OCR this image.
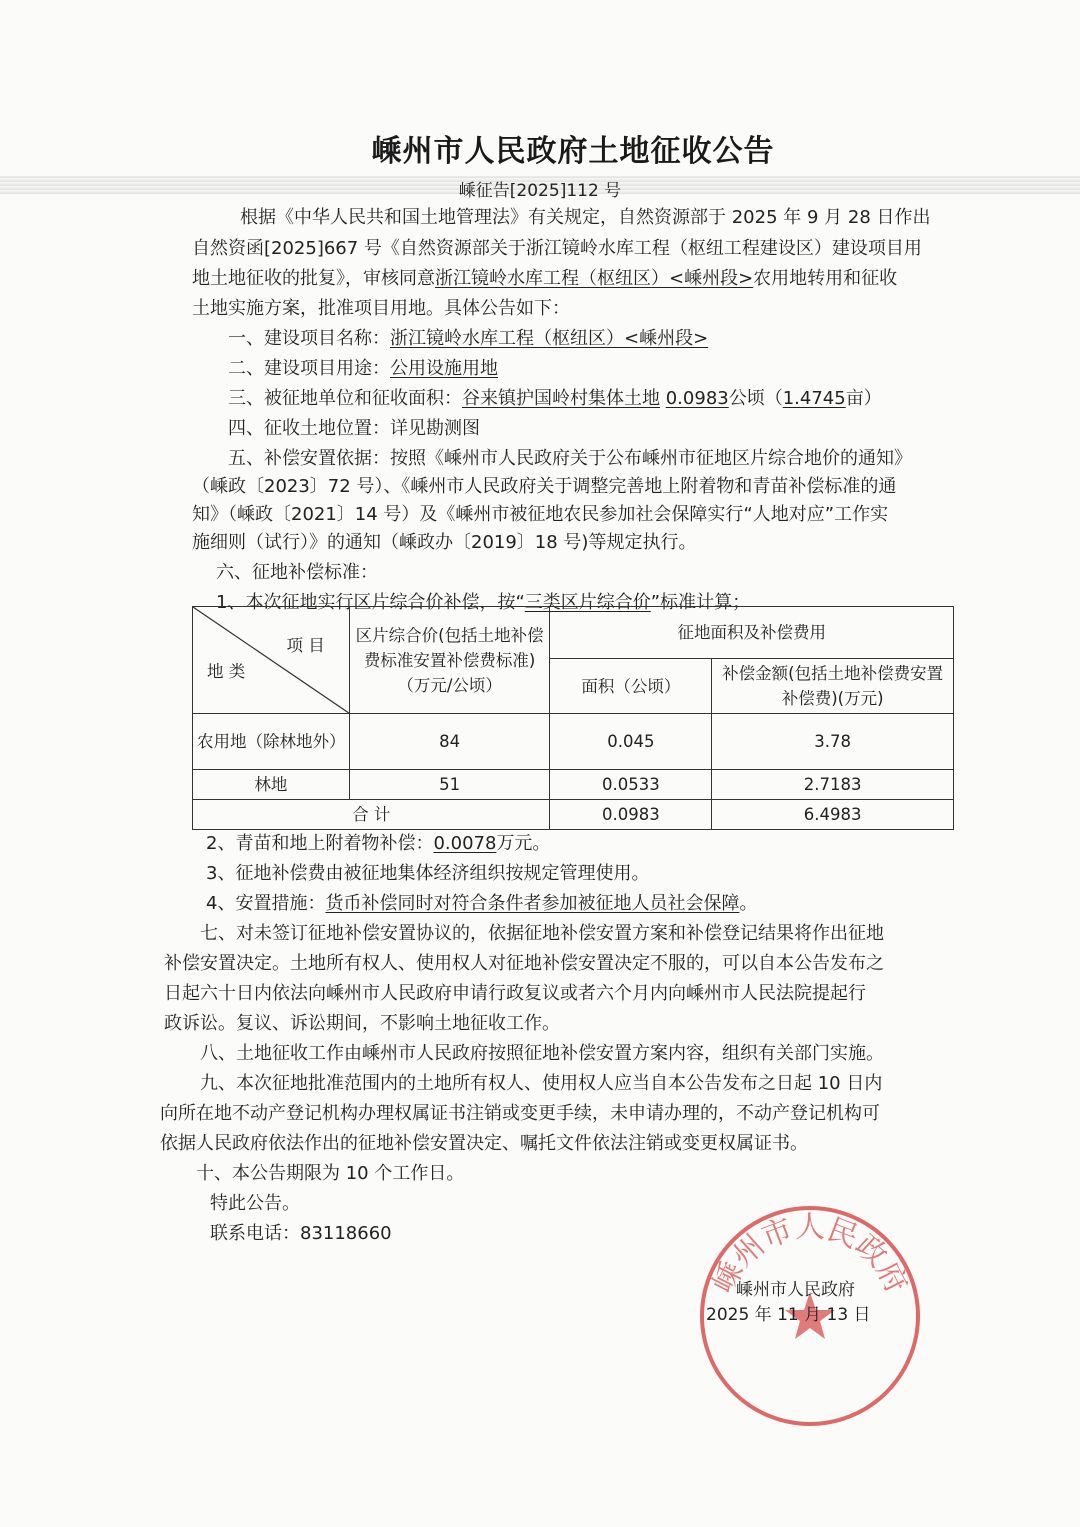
嵊州市人民政府土地征收公告
嵊征告[2025]112 号
根据《中华人民共和国土地管理法》有关规定，自然资源部于 2025 年 9 月 28 日作出
自然资函[2025]667 号《自然资源部关于浙江镜岭水库工程（枢纽工程建设区）建设项目用
地土地征收的批复》，审核同意浙江镜岭水库工程（枢纽区）<嵊州段>农用地转用和征收
土地实施方案，批准项目用地。具体公告如下：
一、建设项目名称：浙江镜岭水库工程（枢纽区）<嵊州段>
二、建设项目用途：公用设施用地
三、被征地单位和征收面积：谷来镇护国岭村集体土地 0.0983公顷（1.4745亩）
四、征收土地位置：详见勘测图
五、补偿安置依据：按照《嵊州市人民政府关于公布嵊州市征地区片综合地价的通知》
（嵊政〔2023〕72 号）、《嵊州市人民政府关于调整完善地上附着物和青苗补偿标准的通
知》（嵊政〔2021〕14 号）及《嵊州市被征地农民参加社会保障实行“人地对应”工作实
施细则（试行）》的通知（嵊政办〔2019〕18 号)等规定执行。
六、征地补偿标准：
1、本次征地实行区片综合价补偿，按“三类区片综合价”标准计算；
项 目
地 类	区片综合价(包括土地补偿费标准安置补偿费标准)（万元/公顷）	征地面积及补偿费用	
		面积（公顷）	补偿金额(包括土地补偿费安置补偿费)(万元)
农用地（除林地外）	84	0.045	3.78
林地	51	0.0533	2.7183
合 计		0.0983	6.4983
2、青苗和地上附着物补偿：0.0078万元。
3、征地补偿费由被征地集体经济组织按规定管理使用。
4、安置措施：货币补偿同时对符合条件者参加被征地人员社会保障。
七、对未签订征地补偿安置协议的，依据征地补偿安置方案和补偿登记结果将作出征地
补偿安置决定。土地所有权人、使用权人对征地补偿安置决定不服的，可以自本公告发布之
日起六十日内依法向嵊州市人民政府申请行政复议或者六个月内向嵊州市人民法院提起行
政诉讼。复议、诉讼期间，不影响土地征收工作。
八、土地征收工作由嵊州市人民政府按照征地补偿安置方案内容，组织有关部门实施。
九、本次征地批准范围内的土地所有权人、使用权人应当自本公告发布之日起 10 日内
向所在地不动产登记机构办理权属证书注销或变更手续，未申请办理的，不动产登记机构可
依据人民政府依法作出的征地补偿安置决定、嘱托文件依法注销或变更权属证书。
十、本公告期限为 10 个工作日。
特此公告。
联系电话：83118660
嵊州市人民政府
嵊州市人民政府
2025 年 11 月 13 日
